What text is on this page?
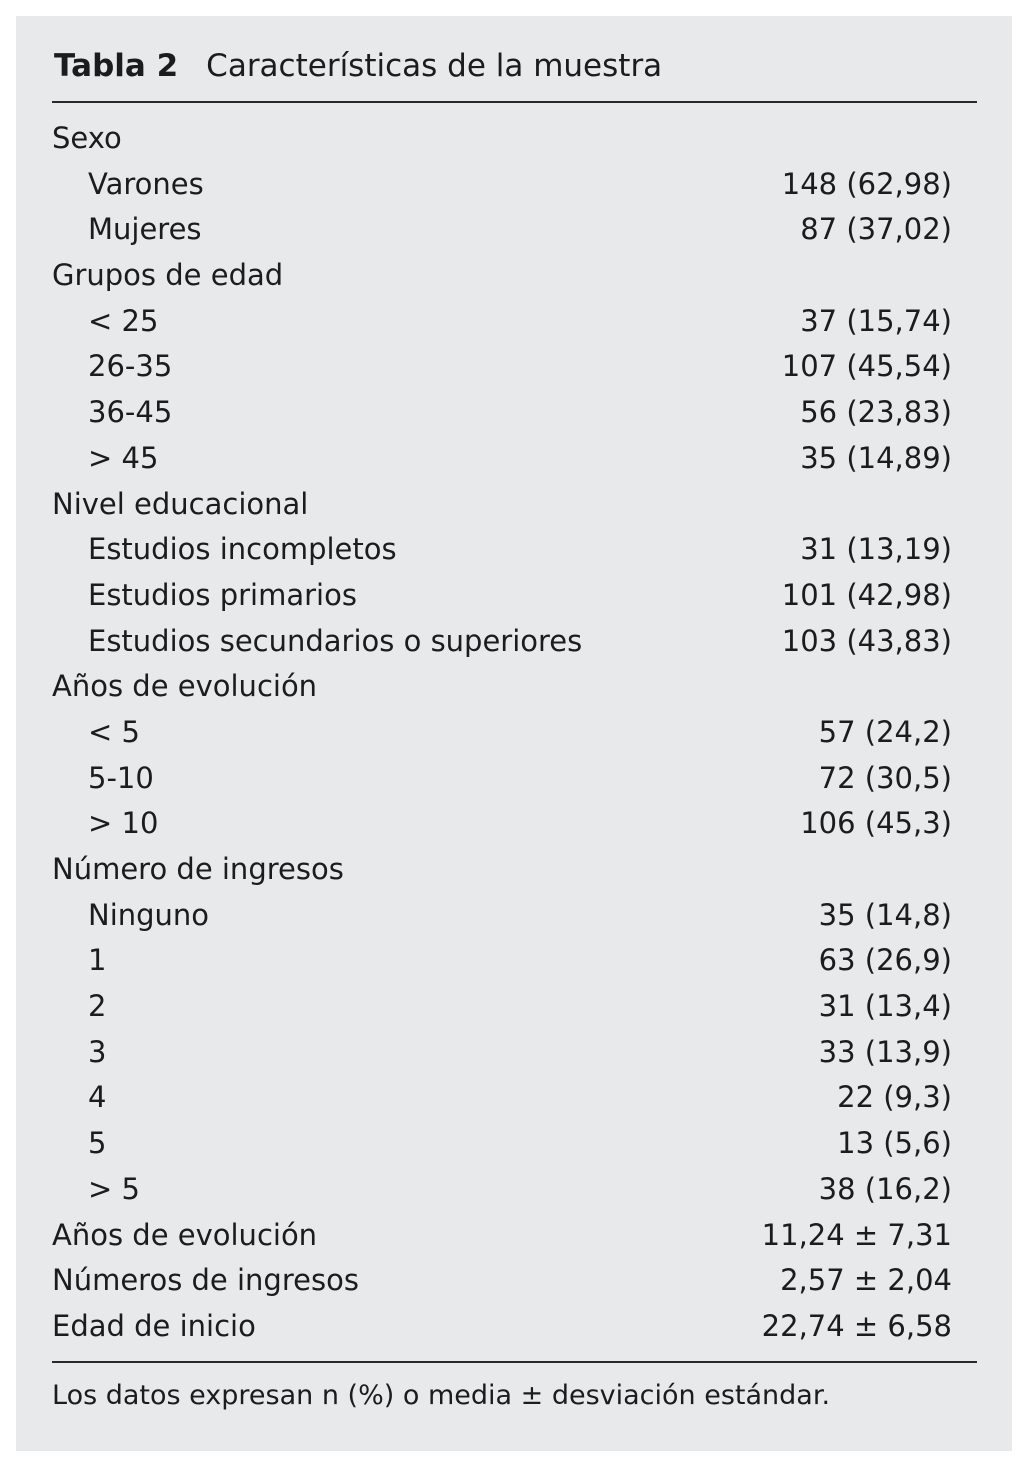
Tabla 2 Características de la muestra
Sexo
Varones	148 (62,98)
Mujeres	87 (37,02)
Grupos de edad
< 25	37 (15,74)
26-35	107 (45,54)
36-45	56 (23,83)
> 45	35 (14,89)
Nivel educacional
Estudios incompletos	31 (13,19)
Estudios primarios	101 (42,98)
Estudios secundarios o superiores	103 (43,83)
Años de evolución
< 5	57 (24,2)
5-10	72 (30,5)
> 10	106 (45,3)
Número de ingresos
Ninguno	35 (14,8)
1	63 (26,9)
2	31 (13,4)
3	33 (13,9)
4	22 (9,3)
5	13 (5,6)
> 5	38 (16,2)
Años de evolución	11,24 ± 7,31
Números de ingresos	2,57 ± 2,04
Edad de inicio	22,74 ± 6,58
Los datos expresan n (%) o media ± desviación estándar.
